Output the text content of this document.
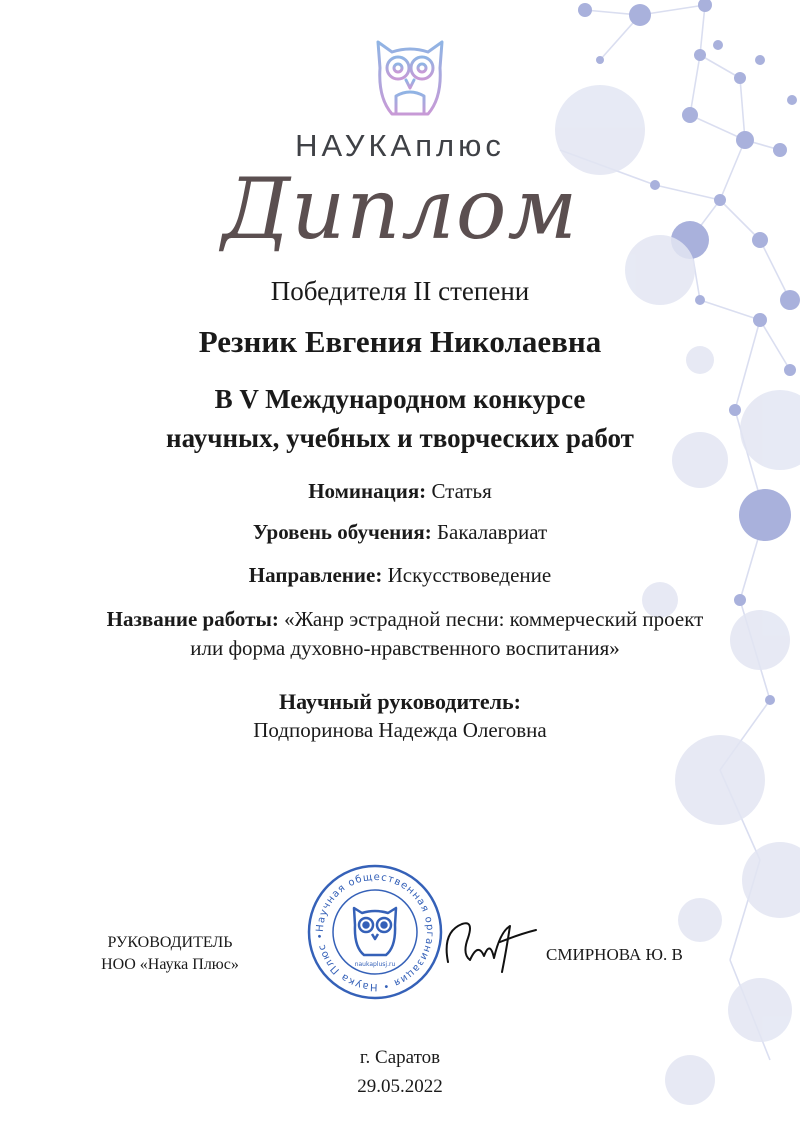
НАУКАплюс
Диплом
Победителя II степени
Резник Евгения Николаевна
В V Международном конкурсе
научных, учебных и творческих работ
Номинация: Статья
Уровень обучения: Бакалавриат
Направление: Искусствоведение
Название работы: «Жанр эстрадной песни: коммерческий проект или форма духовно-нравственного воспитания»
Научный руководитель:
Подпоринова Надежда Олеговна
РУКОВОДИТЕЛЬ
НОО «Наука Плюс»
Научная общественная организация • Наука Плюс •
naukaplusj.ru
СМИРНОВА Ю. В
г. Саратов
29.05.2022
